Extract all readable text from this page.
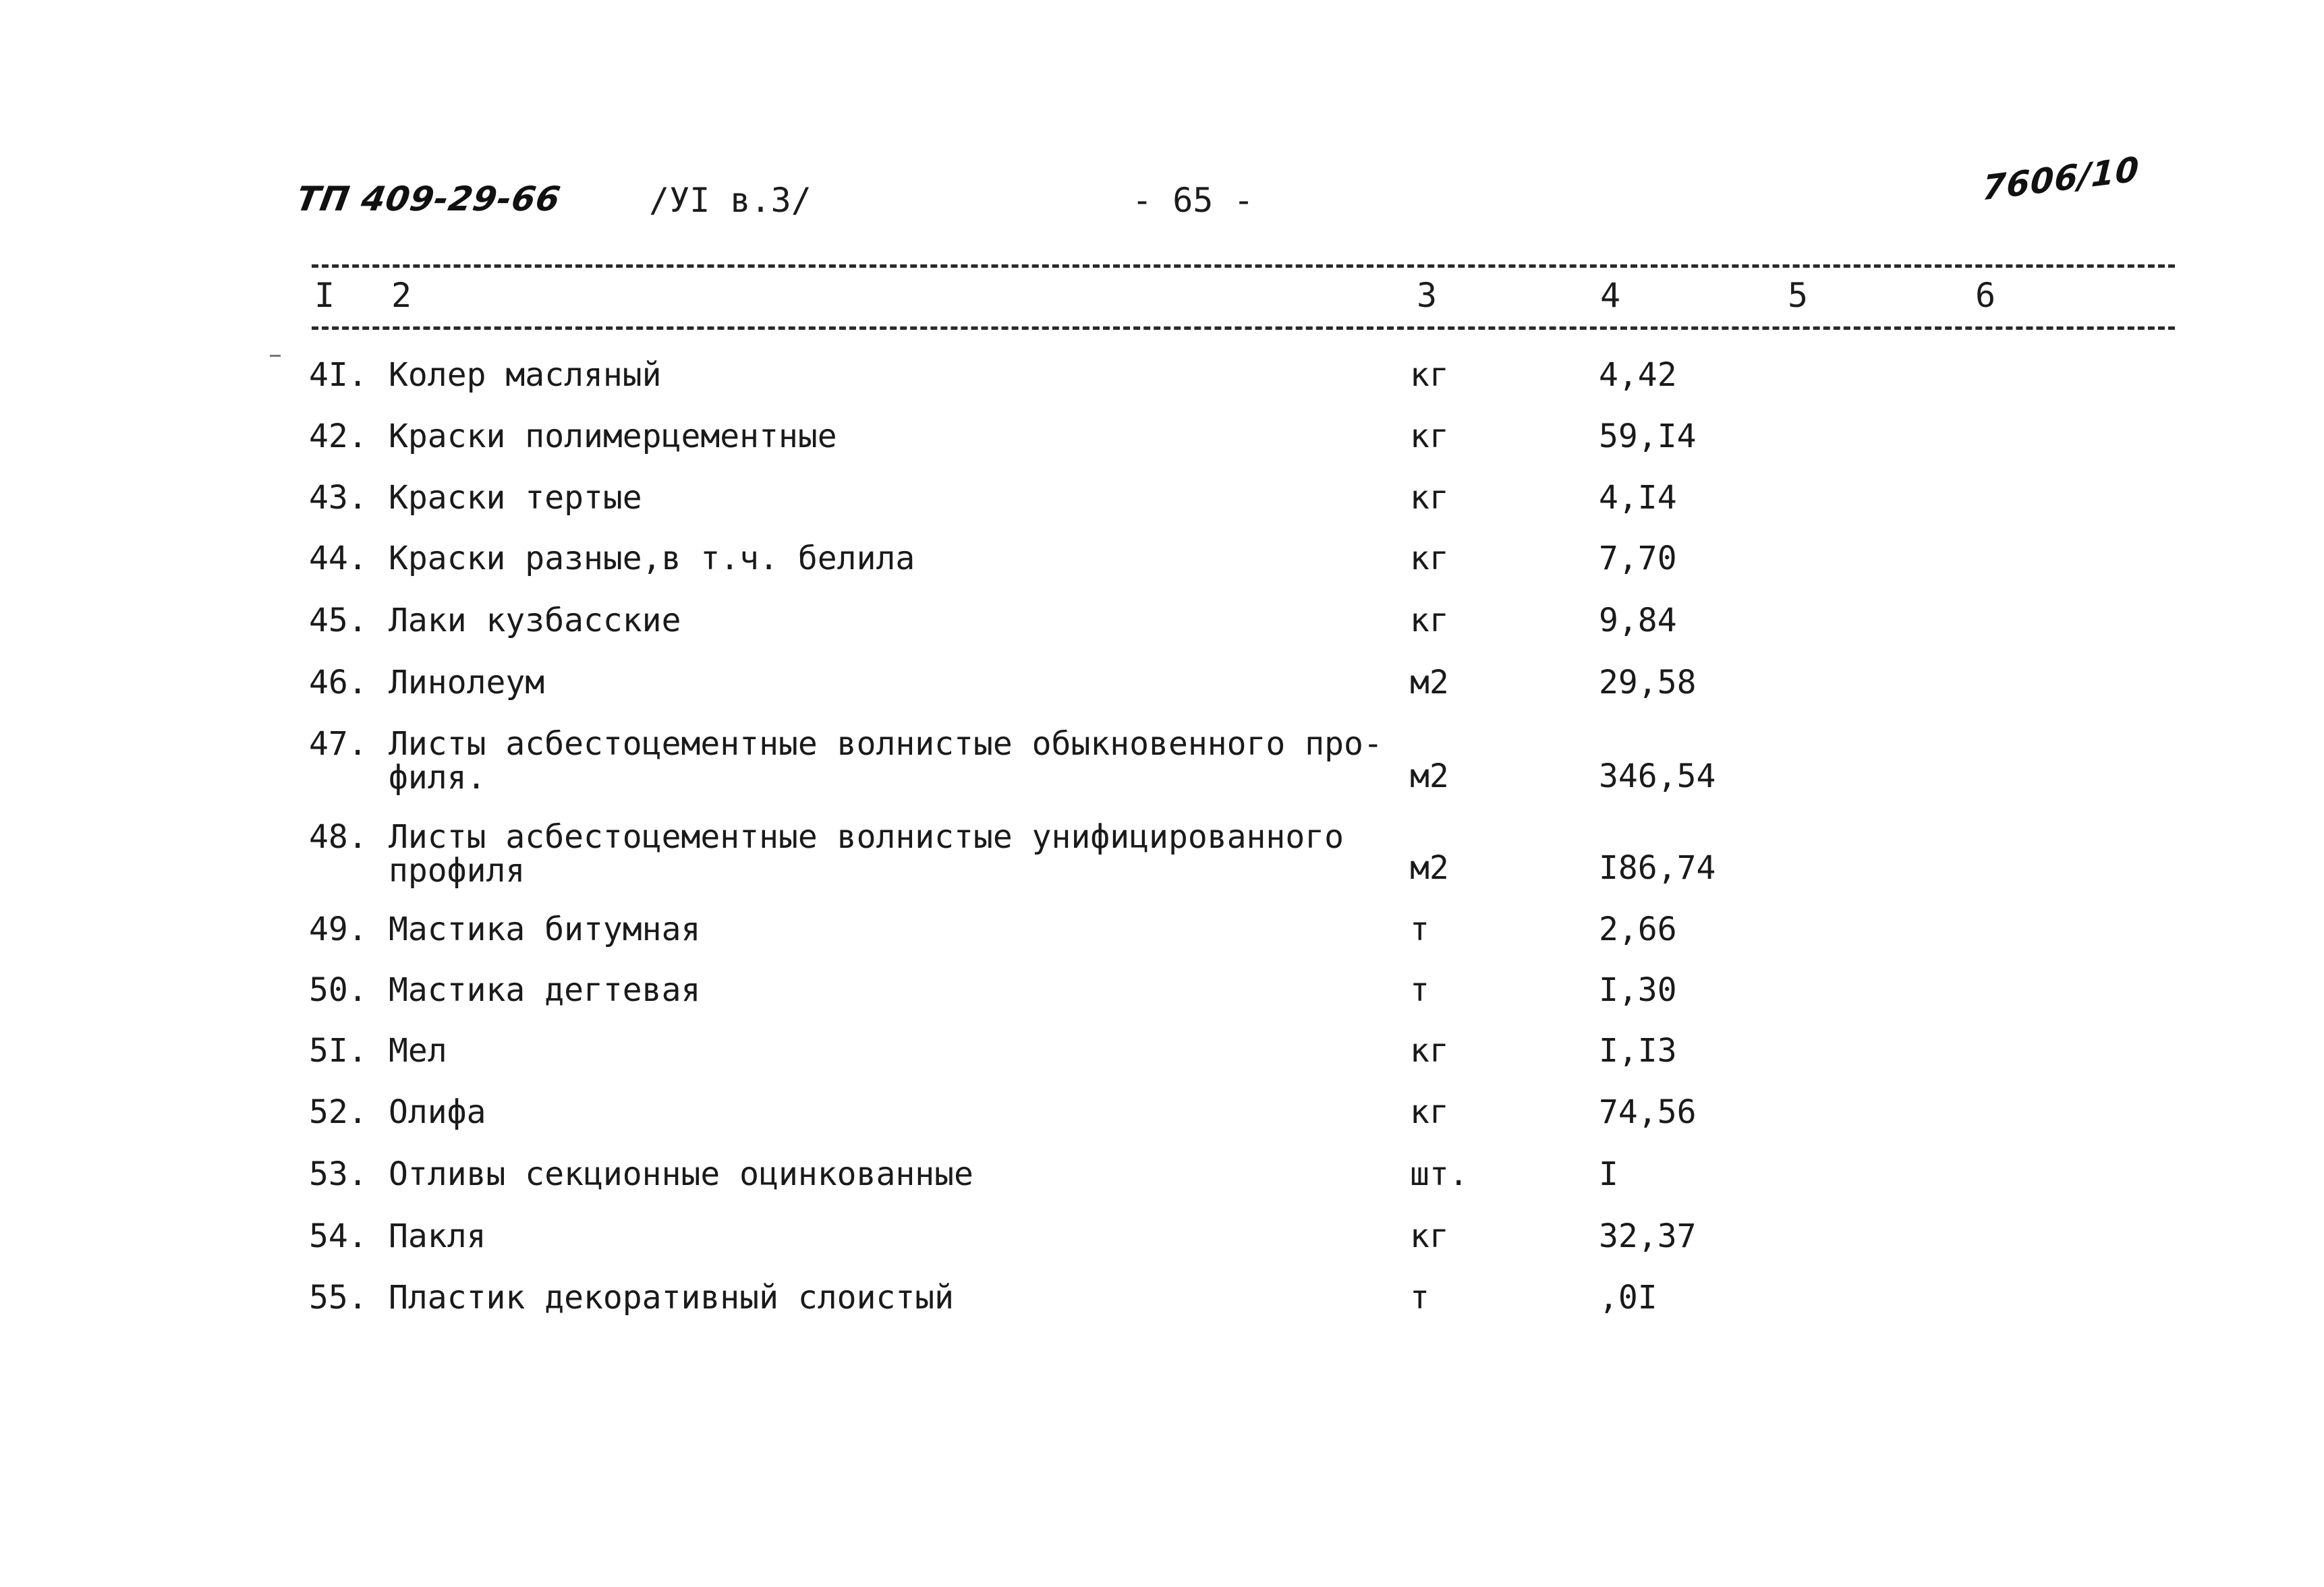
ТП 409-29-66	/УI в.3/	- 65 -	7606/10
I 2	3	4	5	6
4I. Колер масляный	кг	4,42
42. Краски полимерцементные	кг	59,I4
43. Краски тертые	кг	4,I4
44. Краски разные,в т.ч. белила	кг	7,70
45. Лаки кузбасские	кг	9,84
46. Линолеум	м2	29,58
47. Листы асбестоцементные волнистые обыкновенного про-
филя.	м2	346,54
48. Листы асбестоцементные волнистые унифицированного
профиля	м2	I86,74
49. Мастика битумная	т	2,66
50. Мастика дегтевая	т	I,30
5I. Мел	кг	I,I3
52. Олифа	кг	74,56
53. Отливы секционные оцинкованные	шт.	I
54. Пакля	кг	32,37
55. Пластик декоративный слоистый	т	,0I
